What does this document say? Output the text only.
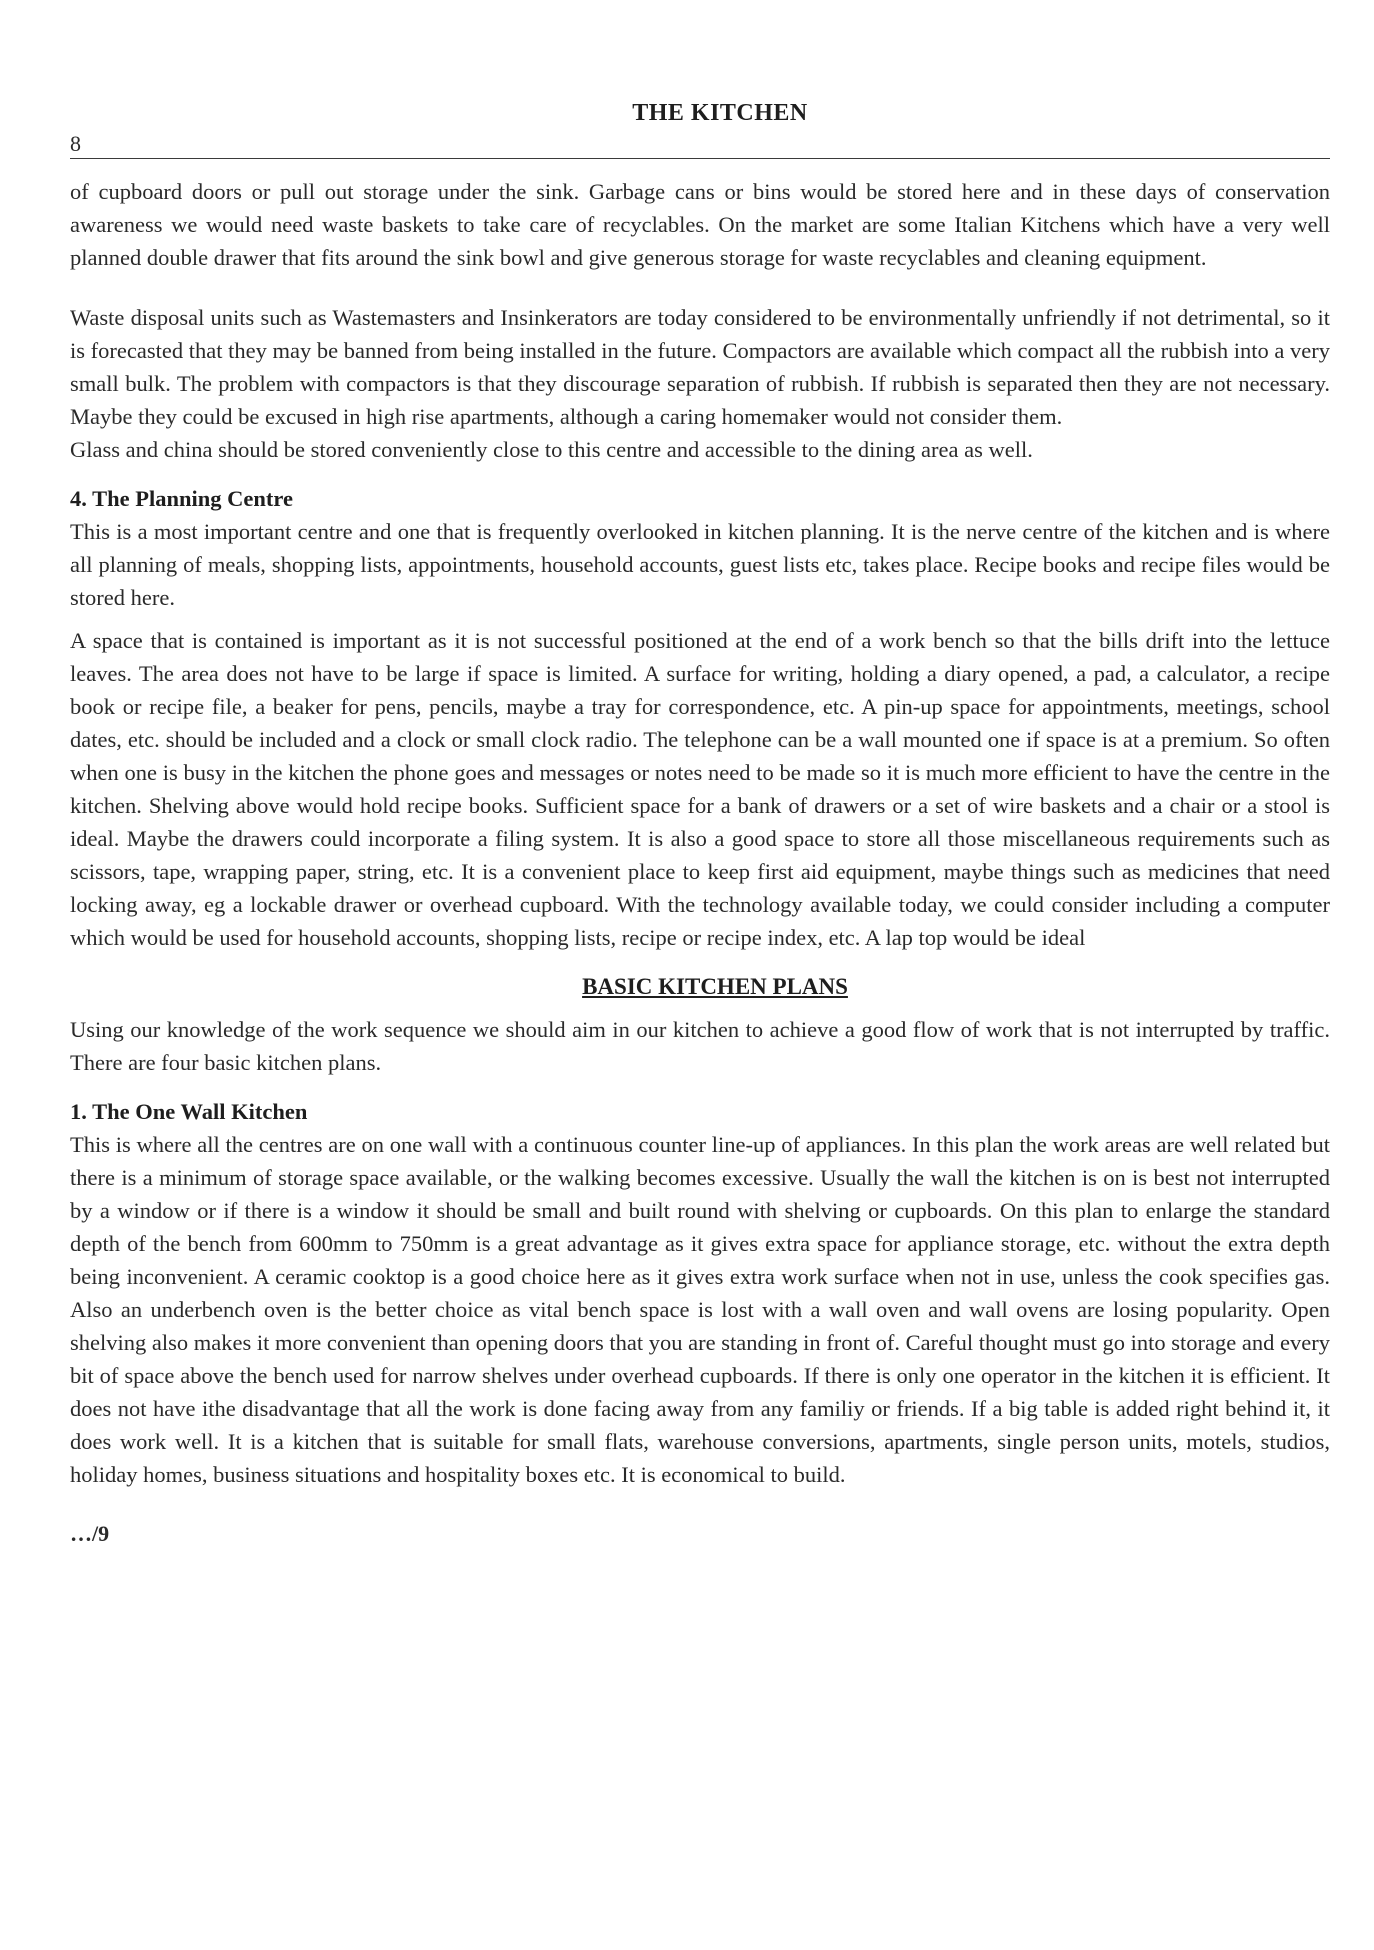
THE KITCHEN
8

of cupboard doors or pull out storage under the sink. Garbage cans or bins would be stored here and in these days of conservation awareness we would need waste baskets to take care of recyclables. On the market are some Italian Kitchens which have a very well planned double drawer that fits around the sink bowl and give generous storage for waste recyclables and cleaning equipment.

Waste disposal units such as Wastemasters and Insinkerators are today considered to be environmentally unfriendly if not detrimental, so it is forecasted that they may be banned from being installed in the future. Compactors are available which compact all the rubbish into a very small bulk. The problem with compactors is that they discourage separation of rubbish. If rubbish is separated then they are not necessary. Maybe they could be excused in high rise apartments, although a caring homemaker would not consider them.

Glass and china should be stored conveniently close to this centre and accessible to the dining area as well.

4. The Planning Centre

This is a most important centre and one that is frequently overlooked in kitchen planning. It is the nerve centre of the kitchen and is where all planning of meals, shopping lists, appointments, household accounts, guest lists etc, takes place. Recipe books and recipe files would be stored here.

A space that is contained is important as it is not successful positioned at the end of a work bench so that the bills drift into the lettuce leaves. The area does not have to be large if space is limited. A surface for writing, holding a diary opened, a pad, a calculator, a recipe book or recipe file, a beaker for pens, pencils, maybe a tray for correspondence, etc. A pin-up space for appointments, meetings, school dates, etc. should be included and a clock or small clock radio. The telephone can be a wall mounted one if space is at a premium. So often when one is busy in the kitchen the phone goes and messages or notes need to be made so it is much more efficient to have the centre in the kitchen. Shelving above would hold recipe books. Sufficient space for a bank of drawers or a set of wire baskets and a chair or a stool is ideal. Maybe the drawers could incorporate a filing system. It is also a good space to store all those miscellaneous requirements such as scissors, tape, wrapping paper, string, etc. It is a convenient place to keep first aid equipment, maybe things such as medicines that need locking away, eg a lockable drawer or overhead cupboard. With the technology available today, we could consider including a computer which would be used for household accounts, shopping lists, recipe or recipe index, etc. A lap top would be ideal

BASIC KITCHEN PLANS

Using our knowledge of the work sequence we should aim in our kitchen to achieve a good flow of work that is not interrupted by traffic. There are four basic kitchen plans.

1. The One Wall Kitchen

This is where all the centres are on one wall with a continuous counter line-up of appliances. In this plan the work areas are well related but there is a minimum of storage space available, or the walking becomes excessive. Usually the wall the kitchen is on is best not interrupted by a window or if there is a window it should be small and built round with shelving or cupboards. On this plan to enlarge the standard depth of the bench from 600mm to 750mm is a great advantage as it gives extra space for appliance storage, etc. without the extra depth being inconvenient. A ceramic cooktop is a good choice here as it gives extra work surface when not in use, unless the cook specifies gas. Also an underbench oven is the better choice as vital bench space is lost with a wall oven and wall ovens are losing popularity. Open shelving also makes it more convenient than opening doors that you are standing in front of. Careful thought must go into storage and every bit of space above the bench used for narrow shelves under overhead cupboards. If there is only one operator in the kitchen it is efficient. It does not have ithe disadvantage that all the work is done facing away from any familiy or friends. If a big table is added right behind it, it does work well. It is a kitchen that is suitable for small flats, warehouse conversions, apartments, single person units, motels, studios, holiday homes, business situations and hospitality boxes etc. It is economical to build.

…/9
